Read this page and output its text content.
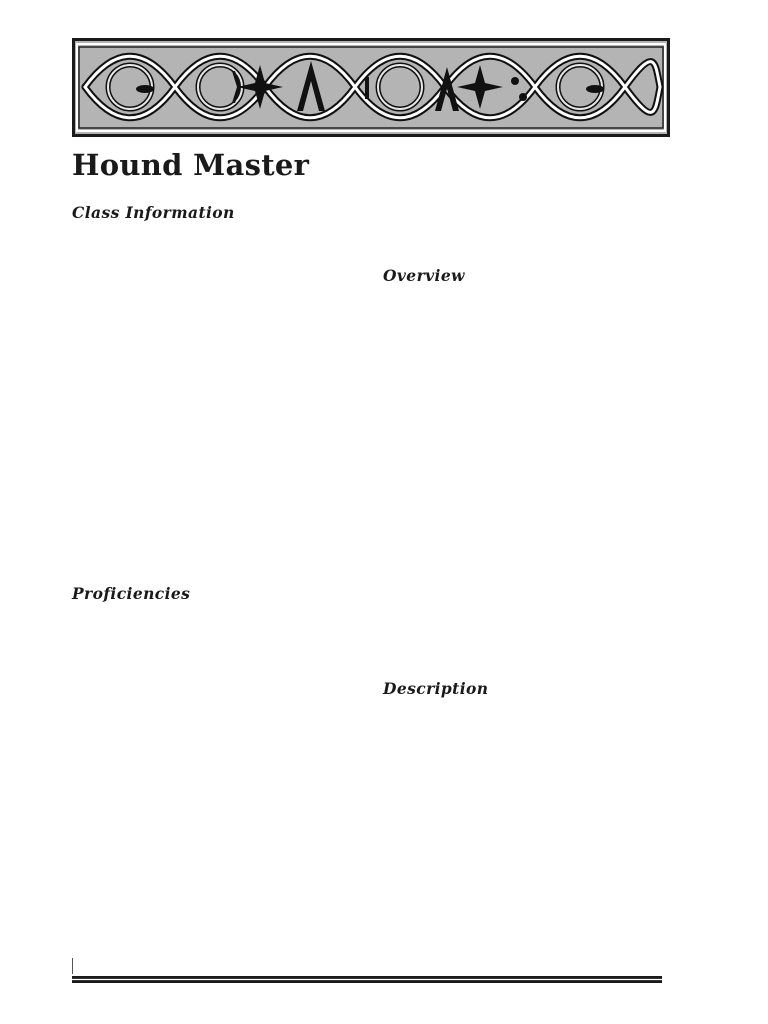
Hound Master
Class Information
Overview
Proficiencies
Description
